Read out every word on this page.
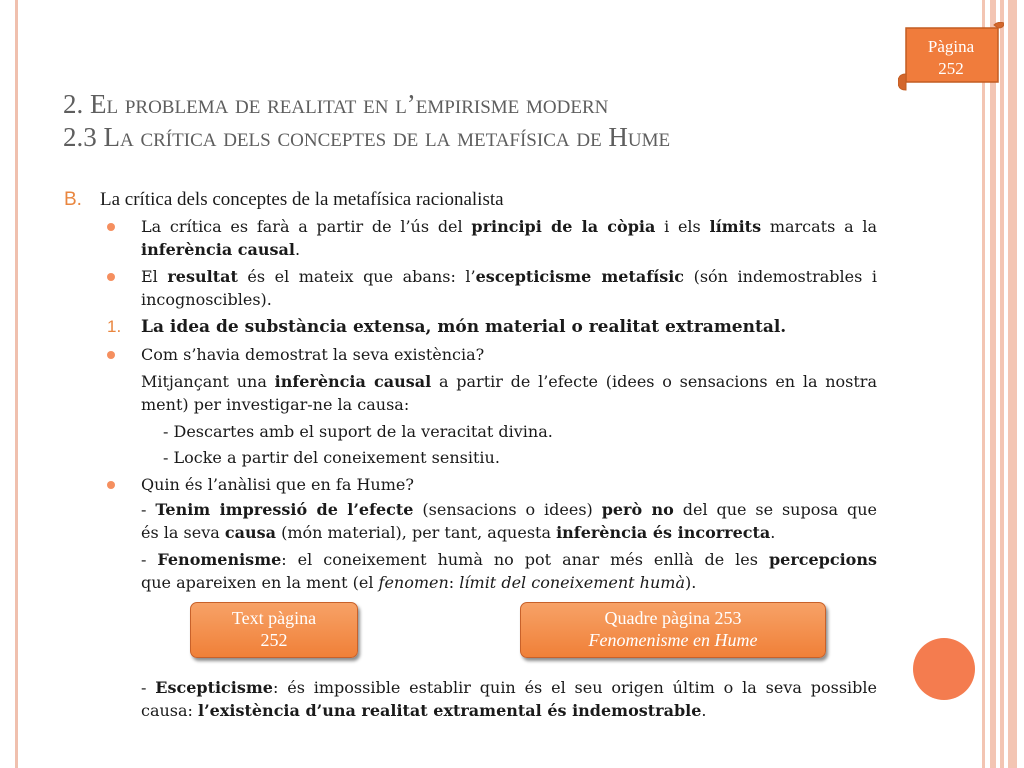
Pàgina
252
2. El problema de realitat en l’empirisme modern
2.3 La crítica dels conceptes de la metafísica de Hume
B. La crítica dels conceptes de la metafísica racionalista
La crítica es farà a partir de l’ús del principi de la còpia i els límits marcats a la
inferència causal.
El resultat és el mateix que abans: l’escepticisme metafísic (són indemostrables i
incognoscibles).
1. La idea de substància extensa, món material o realitat extramental.
Com s’havia demostrat la seva existència?
Mitjançant una inferència causal a partir de l’efecte (idees o sensacions en la nostra
ment) per investigar-ne la causa:
- Descartes amb el suport de la veracitat divina.
- Locke a partir del coneixement sensitiu.
Quin és l’anàlisi que en fa Hume?
- Tenim impressió de l’efecte (sensacions o idees) però no del que se suposa que
és la seva causa (món material), per tant, aquesta inferència és incorrecta.
- Fenomenisme: el coneixement humà no pot anar més enllà de les percepcions
que apareixen en la ment (el fenomen: límit del coneixement humà).
Text pàgina
252
Quadre pàgina 253
Fenomenisme en Hume
- Escepticisme: és impossible establir quin és el seu origen últim o la seva possible
causa: l’existència d’una realitat extramental és indemostrable.
